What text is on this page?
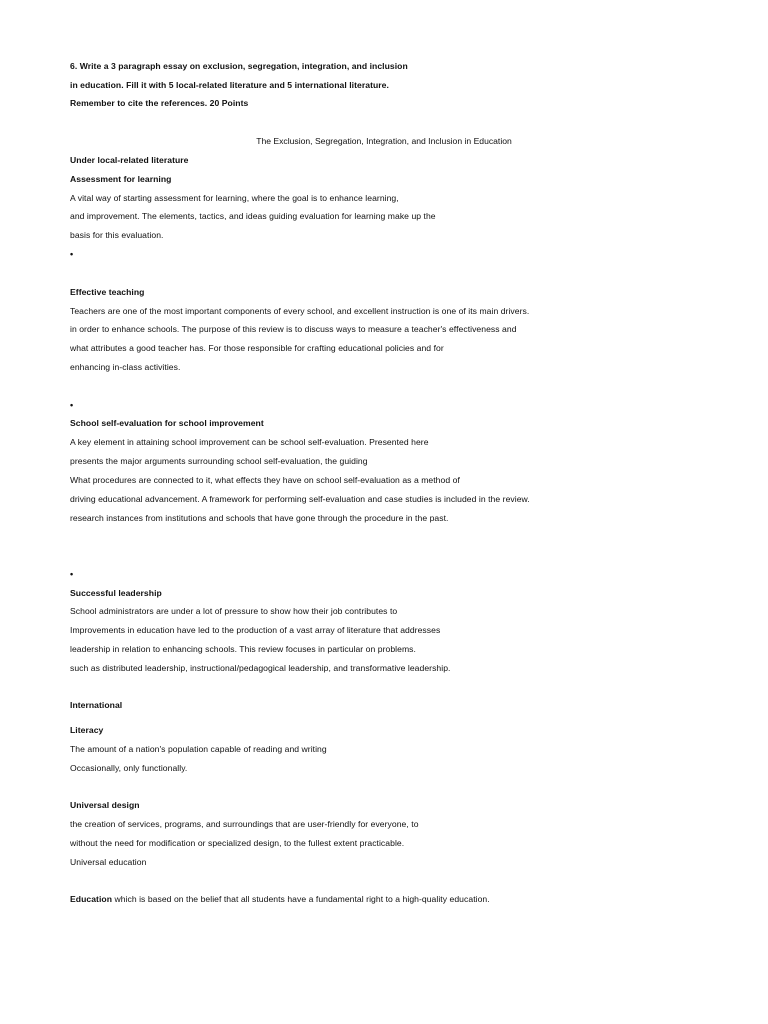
6. Write a 3 paragraph essay on exclusion, segregation, integration, and inclusion
in education. Fill it with 5 local-related literature and 5 international literature.
Remember to cite the references. 20 Points
The Exclusion, Segregation, Integration, and Inclusion in Education
Under local-related literature
Assessment for learning
A vital way of starting assessment for learning, where the goal is to enhance learning,
and improvement. The elements, tactics, and ideas guiding evaluation for learning make up the
basis for this evaluation.
•
Effective teaching
Teachers are one of the most important components of every school, and excellent instruction is one of its main drivers.
in order to enhance schools. The purpose of this review is to discuss ways to measure a teacher's effectiveness and
what attributes a good teacher has. For those responsible for crafting educational policies and for
enhancing in-class activities.
•
School self-evaluation for school improvement
A key element in attaining school improvement can be school self-evaluation. Presented here
presents the major arguments surrounding school self-evaluation, the guiding
What procedures are connected to it, what effects they have on school self-evaluation as a method of
driving educational advancement. A framework for performing self-evaluation and case studies is included in the review.
research instances from institutions and schools that have gone through the procedure in the past.
•
Successful leadership
School administrators are under a lot of pressure to show how their job contributes to
Improvements in education have led to the production of a vast array of literature that addresses
leadership in relation to enhancing schools. This review focuses in particular on problems.
such as distributed leadership, instructional/pedagogical leadership, and transformative leadership.
International
Literacy
The amount of a nation's population capable of reading and writing
Occasionally, only functionally.
Universal design
the creation of services, programs, and surroundings that are user-friendly for everyone, to
without the need for modification or specialized design, to the fullest extent practicable.
Universal education
Education which is based on the belief that all students have a fundamental right to a high-quality education.
